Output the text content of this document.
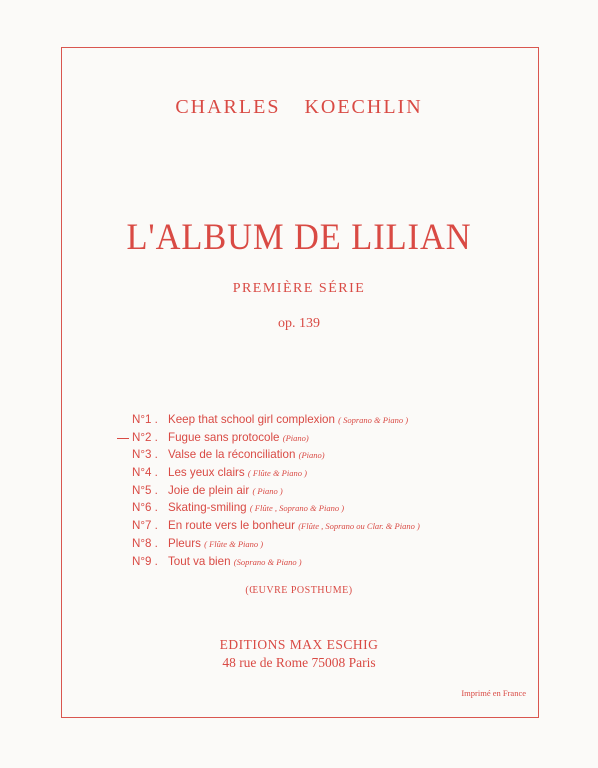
CHARLES KOECHLIN
L'ALBUM DE LILIAN
PREMIÈRE SÉRIE
op. 139
N°1 . Keep that school girl complexion ( Soprano & Piano )
N°2 . Fugue sans protocole (Piano)
N°3 . Valse de la réconciliation (Piano)
N°4 . Les yeux clairs ( Flûte & Piano )
N°5 . Joie de plein air ( Piano )
N°6 . Skating-smiling ( Flûte , Soprano & Piano )
N°7 . En route vers le bonheur (Flûte , Soprano ou Clar. & Piano )
N°8 . Pleurs ( Flûte & Piano )
N°9 . Tout va bien (Soprano & Piano )
(ŒUVRE POSTHUME)
EDITIONS MAX ESCHIG
48 rue de Rome 75008 Paris
Imprimé en France
